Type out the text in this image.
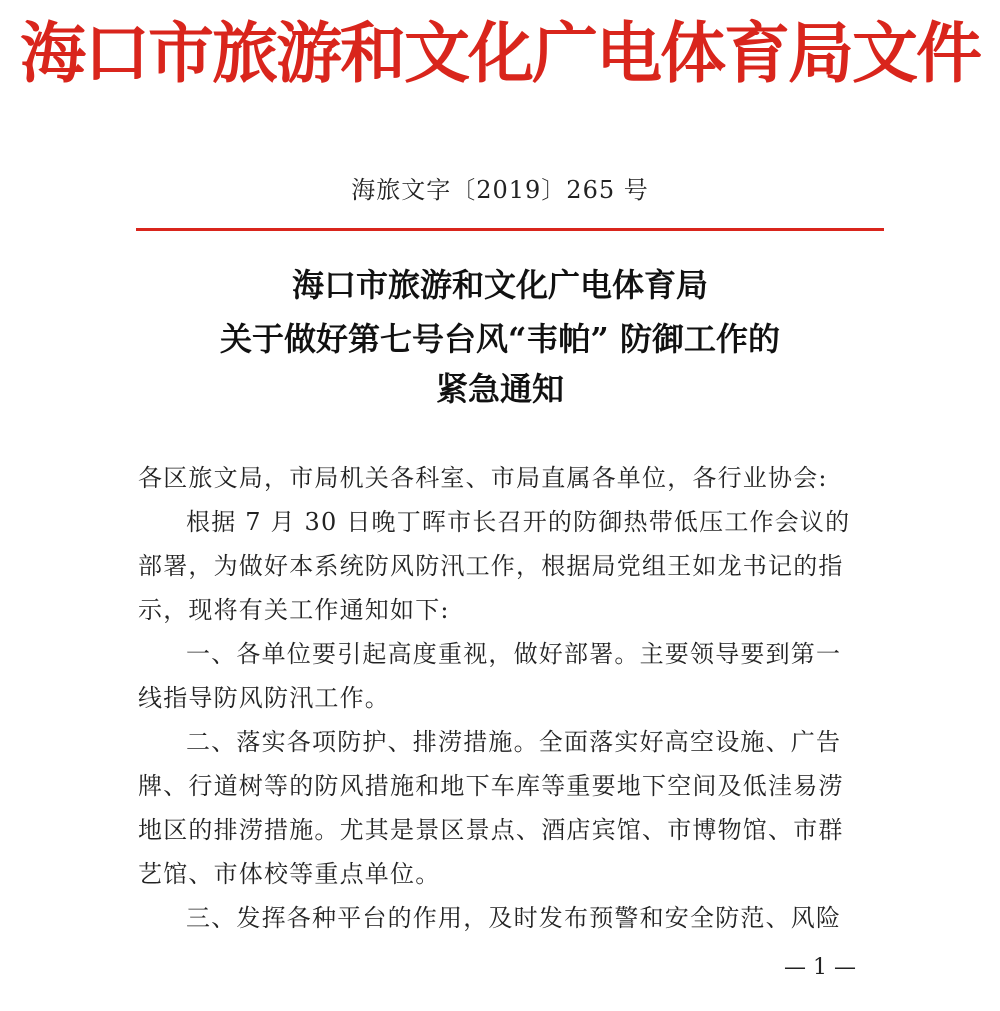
海口市旅游和文化广电体育局文件
海旅文字〔2019〕265 号
海口市旅游和文化广电体育局
关于做好第七号台风“韦帕” 防御工作的
紧急通知
各区旅文局，市局机关各科室、市局直属各单位，各行业协会:
根据 7 月 30 日晚丁晖市长召开的防御热带低压工作会议的
部署，为做好本系统防风防汛工作，根据局党组王如龙书记的指
示，现将有关工作通知如下:
一、各单位要引起高度重视，做好部署。主要领导要到第一
线指导防风防汛工作。
二、落实各项防护、排涝措施。全面落实好高空设施、广告
牌、行道树等的防风措施和地下车库等重要地下空间及低洼易涝
地区的排涝措施。尤其是景区景点、酒店宾馆、市博物馆、市群
艺馆、市体校等重点单位。
三、发挥各种平台的作用，及时发布预警和安全防范、风险
— 1 —
